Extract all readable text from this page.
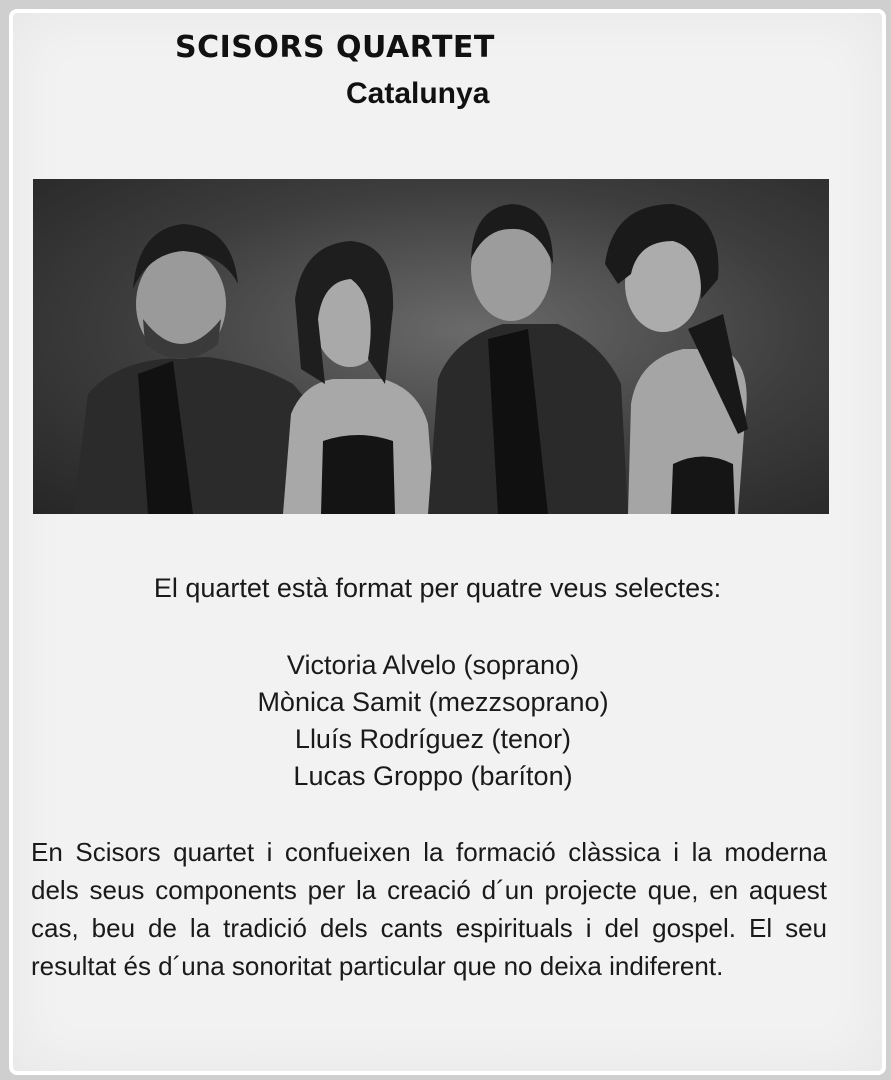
SCISORS QUARTET
Catalunya
El quartet està format per quatre veus selectes:
Victoria Alvelo (soprano)
Mònica Samit (mezzsoprano)
Lluís Rodríguez (tenor)
Lucas Groppo (baríton)
En Scisors quartet i confueixen la formació clàssica i la moderna dels seus components per la creació d´un projecte que, en aquest cas, beu de la tradició dels cants espirituals i del gospel. El seu resultat és d´una sonoritat particular que no deixa indiferent.
